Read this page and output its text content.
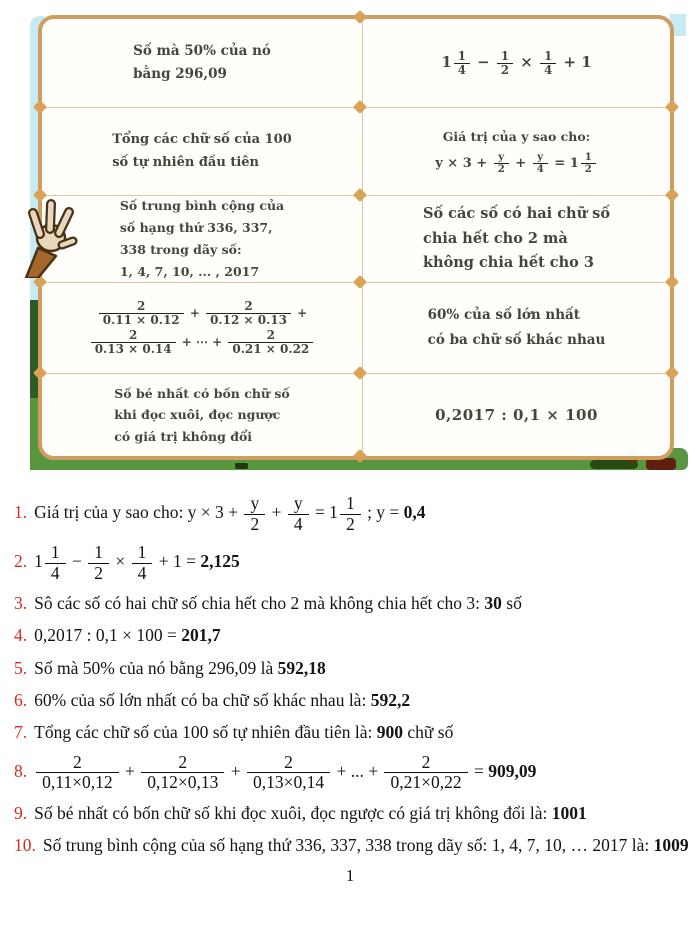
Số mà 50% của nó
bằng 296,09
$1 \frac{1}{4} - \frac{1}{2} \times \frac{1}{4} + 1$
Tổng các chữ số của 100
số tự nhiên đầu tiên
Giá trị của y sao cho:
$y \times 3 + \frac{y}{2} + \frac{y}{4} = 1 \frac{1}{2}$
Số trung bình cộng của
số hạng thứ 336, 337,
338 trong dãy số:
1, 4, 7, 10, ... , 2017
Số các số có hai chữ số
chia hết cho 2 mà
không chia hết cho 3
$\frac{2}{0.11 \times 0.12} + \frac{2}{0.12 \times 0.13}$ +
$\frac{2}{0.13 \times 0.14}$ + ⋯ + $\frac{2}{0.21 \times 0.22}$
60% của số lớn nhất
có ba chữ số khác nhau
Số bé nhất có bốn chữ số
khi đọc xuôi, đọc ngược
có giá trị không đổi
0,2017 : 0,1 × 100
1. Giá trị của y sao cho: $y \times 3 + \frac{y}{2} + \frac{y}{4} = 1 \frac{1}{2}$ ; y = 0,4
2. $1 \frac{1}{4} - \frac{1}{2} \times \frac{1}{4} + 1 = 2,125$
3. Sô các số có hai chữ số chia hết cho 2 mà không chia hết cho 3: 30 số
4. 0,2017 : 0,1 × 100 = 201,7
5. Số mà 50% của nó bằng 296,09 là 592,18
6. 60% của số lớn nhất có ba chữ số khác nhau là: 592,2
7. Tổng các chữ số của 100 số tự nhiên đầu tiên là: 900 chữ số
8. $\frac{2}{0,11\times 0,12} + \frac{2}{0,12\times 0,13} + \frac{2}{0,13\times 0,14}$ + ... + $\frac{2}{0,21\times 0,22} = 909,09$
9. Số bé nhất có bốn chữ số khi đọc xuôi, đọc ngược có giá trị không đổi là: 1001
10. Số trung bình cộng của số hạng thứ 336, 337, 338 trong dãy số: 1, 4, 7, 10, … 2017 là: 1009
1
